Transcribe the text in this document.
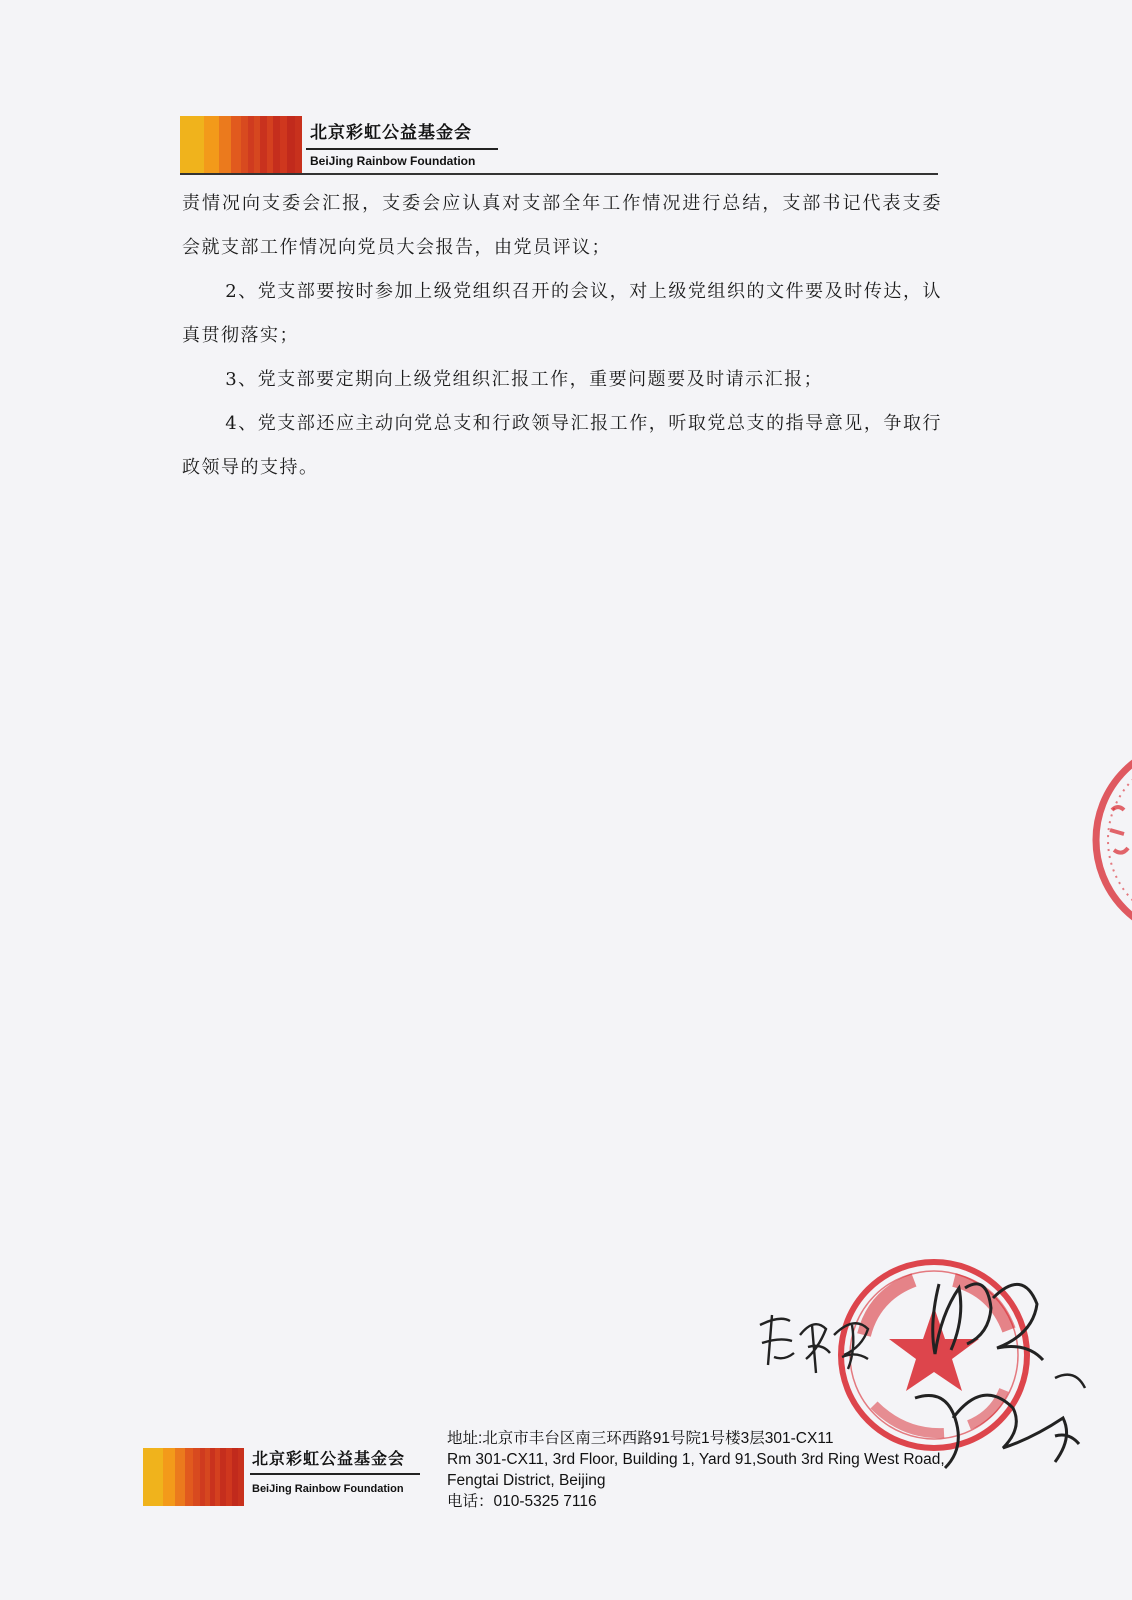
北京彩虹公益基金会
BeiJing Rainbow Foundation

责情况向支委会汇报，支委会应认真对支部全年工作情况进行总结，支部书记代表支委会就支部工作情况向党员大会报告，由党员评议；

2、党支部要按时参加上级党组织召开的会议，对上级党组织的文件要及时传达，认真贯彻落实；

3、党支部要定期向上级党组织汇报工作，重要问题要及时请示汇报；

4、党支部还应主动向党总支和行政领导汇报工作，听取党总支的指导意见，争取行政领导的支持。

北京彩虹公益基金会
BeiJing Rainbow Foundation
地址:北京市丰台区南三环西路91号院1号楼3层301-CX11
Rm 301-CX11, 3rd Floor, Building 1, Yard 91,South 3rd Ring West Road,
Fengtai District, Beijing
电话：010-5325 7116
